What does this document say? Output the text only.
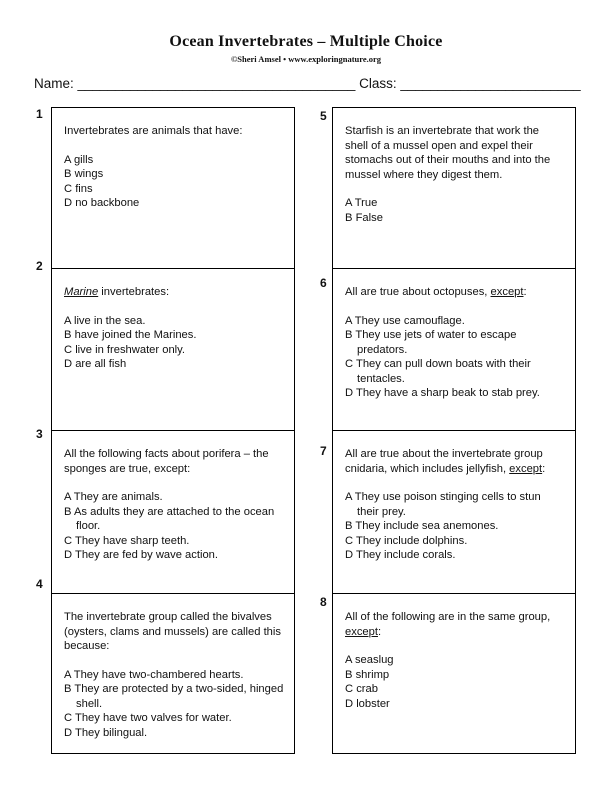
Ocean Invertebrates – Multiple Choice
©Sheri Amsel • www.exploringnature.org
Name: _____________________________________ Class: ________________________
1

Invertebrates are animals that have:

A gills

B wings

C fins

D no backbone

2

Marine invertebrates:

A live in the sea.

B have joined the Marines.

C live in freshwater only.

D are all fish

3

All the following facts about porifera – the sponges are true, except:

A They are animals.

B As adults they are attached to the ocean floor.

C They have sharp teeth.

D They are fed by wave action.

4

The invertebrate group called the bivalves (oysters, clams and mussels) are called this because:

A They have two-chambered hearts.

B They are protected by a two-sided, hinged shell.

C They have two valves for water.

D They bilingual.

5

Starfish is an invertebrate that work the shell of a mussel open and expel their stomachs out of their mouths and into the mussel where they digest them.

A True

B False

6

All are true about octopuses, except:

A They use camouflage.

B They use jets of water to escape predators.

C They can pull down boats with their tentacles.

D They have a sharp beak to stab prey.

7 All are true about the invertebrate group cnidaria, which includes jellyfish, except:

A They use poison stinging cells to stun their prey.

B They include sea anemones.

C They include dolphins.

D They include corals.

8

All of the following are in the same group, except:

A seaslug

B shrimp

C crab

D lobster
